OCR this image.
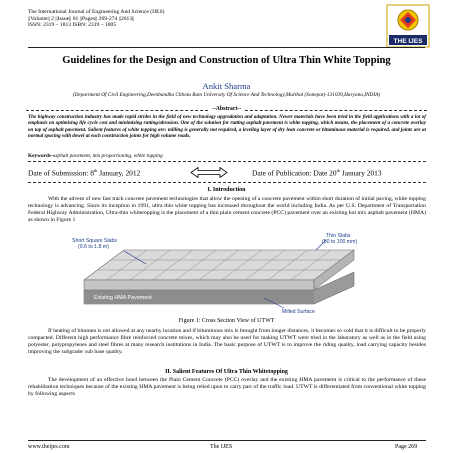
The International Journal of Engineering And Science (IJES)
||Volume|| 2 ||Issue|| 01 ||Pages|| 269-274 ||2013||
ISSN: 2319 – 1813 ISBN: 2319 – 1805
THE IJES
Guidelines for the Design and Construction of Ultra Thin White Topping
Ankit Sharma
(Department Of Civil Engineering,Deenbandhu Chhotu Ram University Of Science And Technology,Murthal (Sonepat)-131039,Haryana,INDIA)
--Abstract--
The highway construction industry has made rapid strides in the field of new technology upgradation and adaptation. Newer materials have been tried in the field applications with a lot of emphasis on optimising life cycle cost and minimizing rutting/abrasion. One of the solution for rutting asphalt pavement is white topping, which means, the placement of a concrete overlay on top of asphalt pavement. Salient features of white topping are: milling is generally not required, a leveling layer of dry lean concrete or bituminous material is required, and joints are at normal spacing with dowel at each construction joints for high volume roads.
Keywords-asphalt pavement, mix proportioning, white topping
Date of Submission: 8th January, 2012	Date of Publication: Date 20th January 2013
I. Introduction
With the advent of new fast track concrete pavement technologies that allow the opening of a concrete pavement within short duration of initial paving, white topping technology is advancing. Since its inception in 1991, ultra thin white topping has increased throughout the world including India. As per U.S. Department of Transportation Federal Highway Administration, Ultra-thin whitetopping is the placement of a thin plain cement concrete (PCC) pavement over an existing hot mix asphalt pavement (HMA) as shown in Figure 1
Short Square Slabs
(0.6 to 1.8 m)
Thin Slabs
(50 to 100 mm)
Existing HMA Pavement
Milled Surface
Figure 1: Cross Section View of UTWT
If heating of bitumen is not allowed at any nearby location and if bituminous mix is brought from longer distances, it becomes so cold that it is difficult to be properly compacted. Different high performance fibre reinforced concrete mixes, which may also be used for making UTWT were tried in the laboratory as well as in the field using polyester, polypropylenes and steel fibres at many research institutions in India. The basic purpose of UTWT is to improve the riding quality, load carrying capacity besides improving the subgrade/ sub base quality.
II. Salient Features Of Ultra Thin Whitetopping
The development of an effective bond between the Plain Cement Concrete (PCC) overlay and the existing HMA pavement is critical to the performance of these rehabilitation techniques because of the existing HMA pavement is being relied upon to carry part of the traffic load. UTWT is differentiated from conventional white topping by following aspects
www.theijes.com	The IJES	Page 269
